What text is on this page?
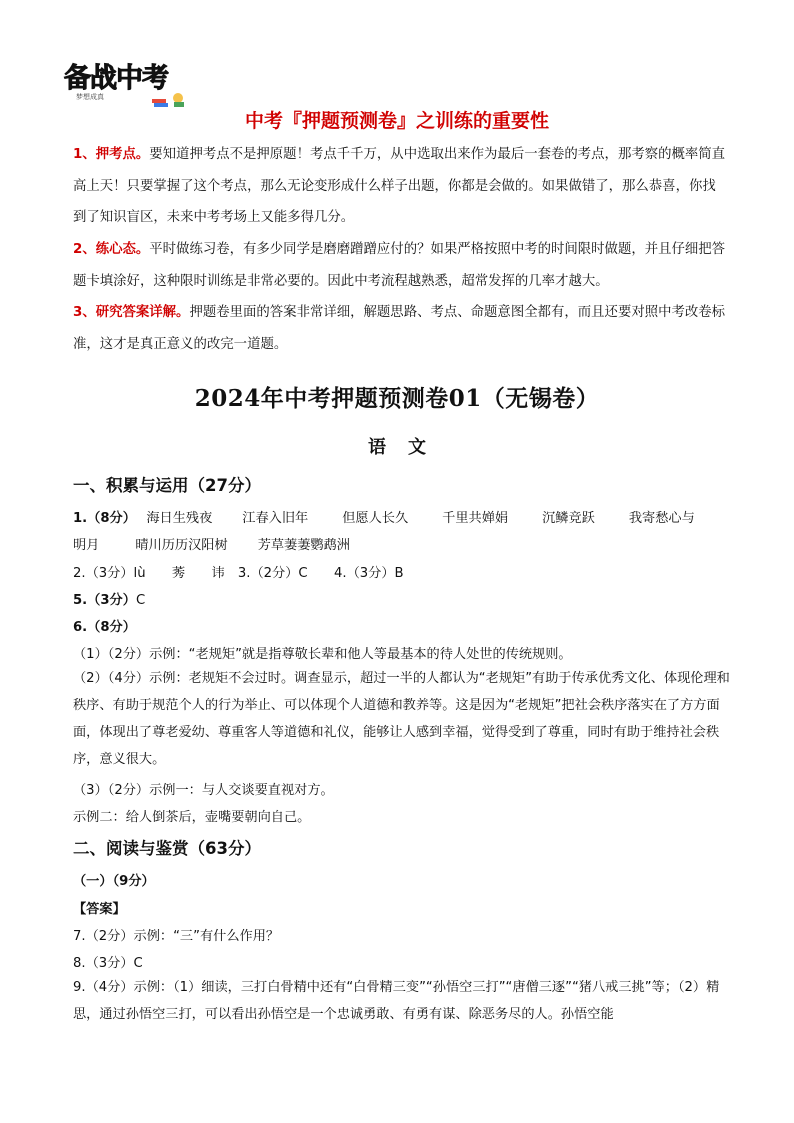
备战中考
梦想成真
中考『押题预测卷』之训练的重要性
1、押考点。要知道押考点不是押原题！考点千千万，从中选取出来作为最后一套卷的考点，那考察的概率简直高上天！只要掌握了这个考点，那么无论变形成什么样子出题，你都是会做的。如果做错了，那么恭喜，你找到了知识盲区，未来中考考场上又能多得几分。
2、练心态。平时做练习卷，有多少同学是磨磨蹭蹭应付的？如果严格按照中考的时间限时做题，并且仔细把答题卡填涂好，这种限时训练是非常必要的。因此中考流程越熟悉，超常发挥的几率才越大。
3、研究答案详解。押题卷里面的答案非常详细，解题思路、考点、命题意图全都有，而且还要对照中考改卷标准，这才是真正意义的改完一道题。
2024年中考押题预测卷01（无锡卷）
语文
一、积累与运用（27分）
1.（8分） 海日生残夜 江春入旧年	但愿人长久	千里共婵娟	沉鳞竞跃	我寄愁心与
明月	晴川历历汉阳树 芳草萋萋鹦鹉洲
2.（3分）lù　　莠　　讳　3.（2分）C　　4.（3分）B
5.（3分）C
6.（8分）
（1）（2分）示例：“老规矩”就是指尊敬长辈和他人等最基本的待人处世的传统规则。
（2）（4分）示例：老规矩不会过时。调查显示，超过一半的人都认为“老规矩”有助于传承优秀文化、体现伦理和秩序、有助于规范个人的行为举止、可以体现个人道德和教养等。这是因为“老规矩”把社会秩序落实在了方方面面，体现出了尊老爱幼、尊重客人等道德和礼仪，能够让人感到幸福，觉得受到了尊重，同时有助于维持社会秩序，意义很大。
（3）（2分）示例一：与人交谈要直视对方。
示例二：给人倒茶后，壶嘴要朝向自己。
二、阅读与鉴赏（63分）
（一）（9分）
【答案】
7.（2分）示例：“三”有什么作用？
8.（3分）C
9.（4分）示例：（1）细读，三打白骨精中还有“白骨精三变”“孙悟空三打”“唐僧三逐”“猪八戒三挑”等；（2）精思，通过孙悟空三打，可以看出孙悟空是一个忠诚勇敢、有勇有谋、除恶务尽的人。孙悟空能
